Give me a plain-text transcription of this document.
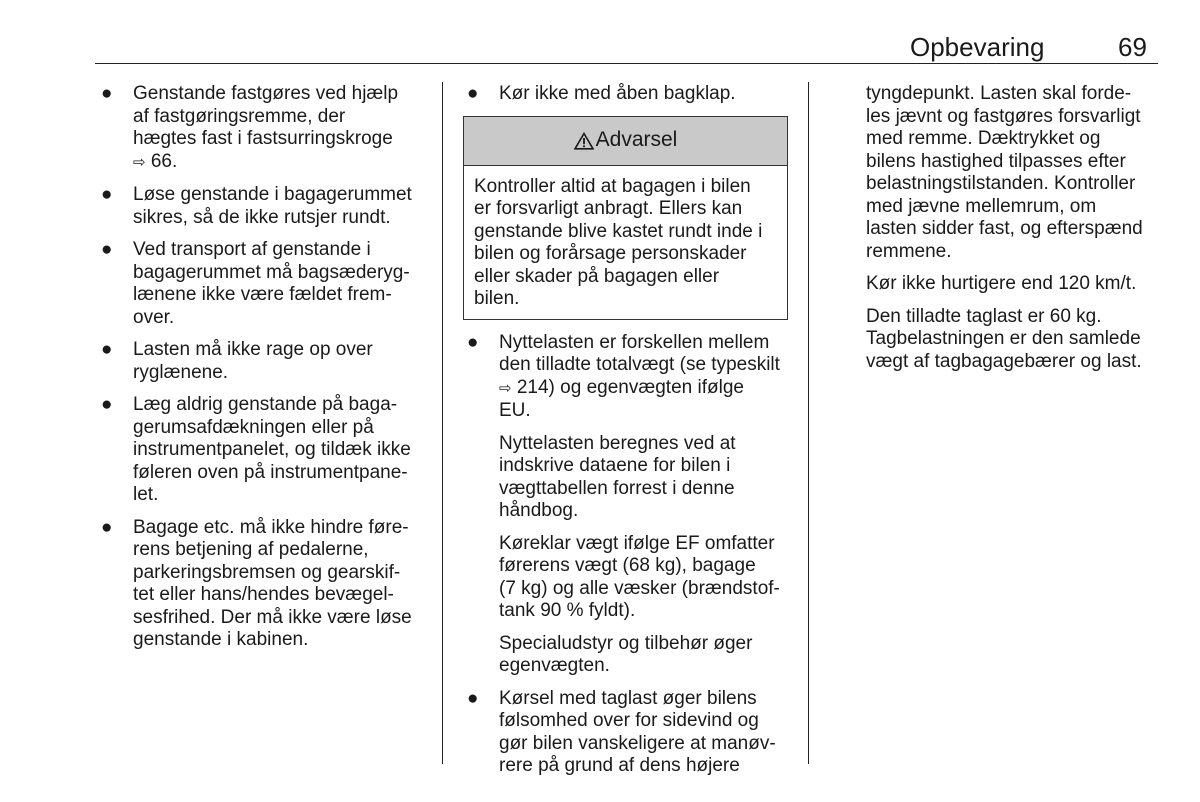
Opbevaring	69
● Genstande fastgøres ved hjælp
af fastgøringsremme, der
hægtes fast i fastsurringskroge
⇨ 66.
● Løse genstande i bagagerummet
sikres, så de ikke rutsjer rundt.
● Ved transport af genstande i
bagagerummet må bagsæderyg-
lænene ikke være fældet frem-
over.
● Lasten må ikke rage op over
ryglænene.
● Læg aldrig genstande på baga-
gerumsafdækningen eller på
instrumentpanelet, og tildæk ikke
føleren oven på instrumentpane-
let.
● Bagage etc. må ikke hindre føre-
rens betjening af pedalerne,
parkeringsbremsen og gearskif-
tet eller hans/hendes bevægel-
sesfrihed. Der må ikke være løse
genstande i kabinen.
● Kør ikke med åben bagklap.
Advarsel
Kontroller altid at bagagen i bilen
er forsvarligt anbragt. Ellers kan
genstande blive kastet rundt inde i
bilen og forårsage personskader
eller skader på bagagen eller
bilen.
● Nyttelasten er forskellen mellem
den tilladte totalvægt (se typeskilt
⇨ 214) og egenvægten ifølge
EU.
Nyttelasten beregnes ved at
indskrive dataene for bilen i
vægttabellen forrest i denne
håndbog.
Køreklar vægt ifølge EF omfatter
førerens vægt (68 kg), bagage
(7 kg) og alle væsker (brændstof-
tank 90 % fyldt).
Specialudstyr og tilbehør øger
egenvægten.
● Kørsel med taglast øger bilens
følsomhed over for sidevind og
gør bilen vanskeligere at manøv-
rere på grund af dens højere
tyngdepunkt. Lasten skal forde-
les jævnt og fastgøres forsvarligt
med remme. Dæktrykket og
bilens hastighed tilpasses efter
belastningstilstanden. Kontroller
med jævne mellemrum, om
lasten sidder fast, og efterspænd
remmene.
Kør ikke hurtigere end 120 km/t.
Den tilladte taglast er 60 kg.
Tagbelastningen er den samlede
vægt af tagbagagebærer og last.
